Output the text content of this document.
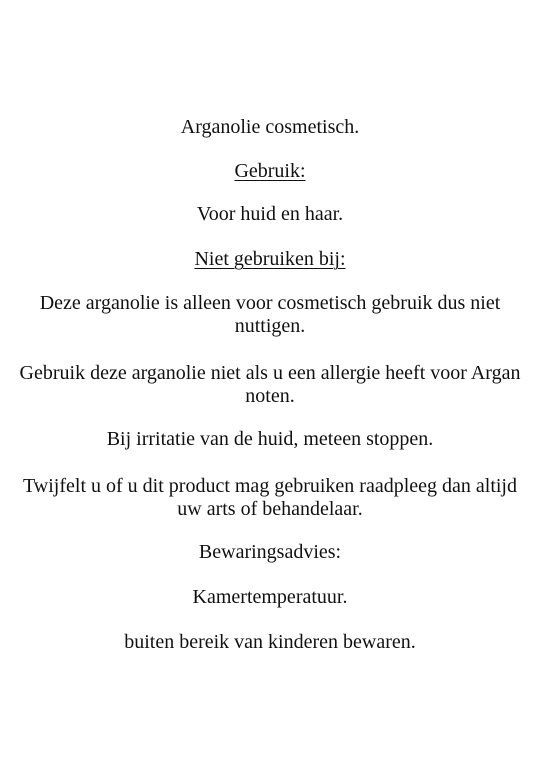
Arganolie cosmetisch.
Gebruik:
Voor huid en haar.
Niet gebruiken bij:
Deze arganolie is alleen voor cosmetisch gebruik dus niet
nuttigen.
Gebruik deze arganolie niet als u een allergie heeft voor Argan
noten.
Bij irritatie van de huid, meteen stoppen.
Twijfelt u of u dit product mag gebruiken raadpleeg dan altijd
uw arts of behandelaar.
Bewaringsadvies:
Kamertemperatuur.
buiten bereik van kinderen bewaren.
